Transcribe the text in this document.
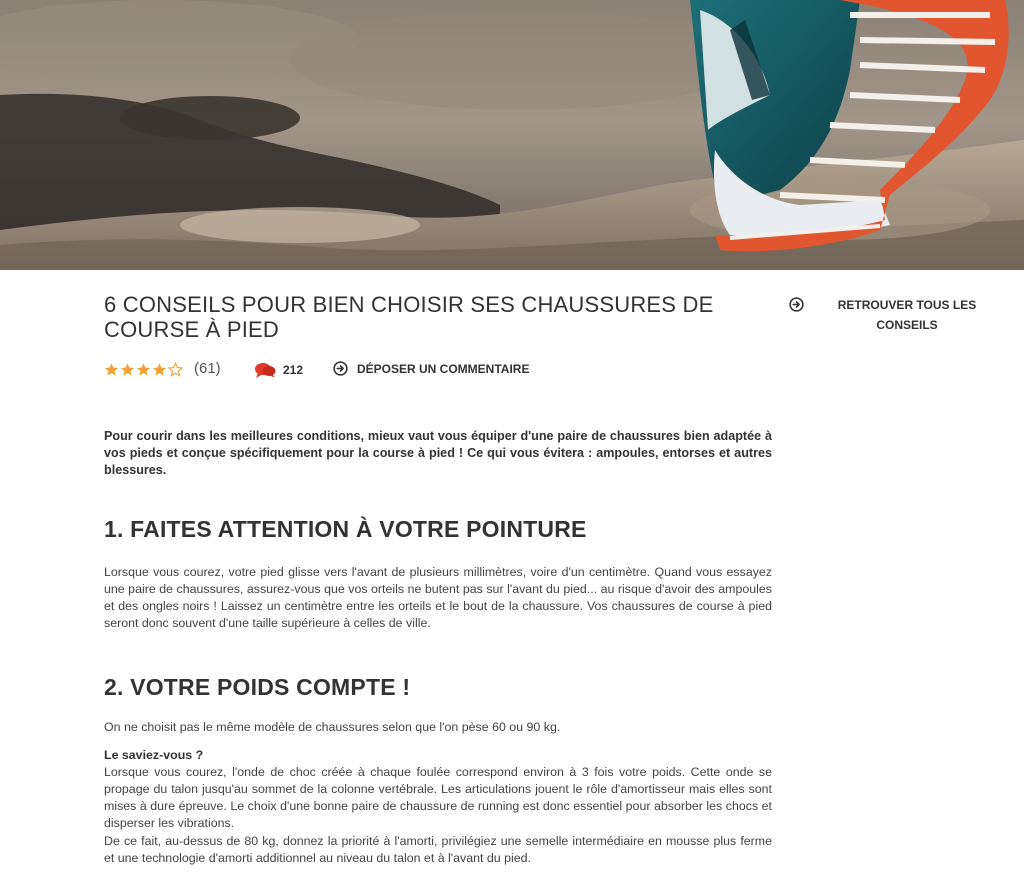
6 CONSEILS POUR BIEN CHOISIR SES CHAUSSURES DE COURSE À PIED
(61)	212	DÉPOSER UN COMMENTAIRE

Pour courir dans les meilleures conditions, mieux vaut vous équiper d'une paire de chaussures bien adaptée à vos pieds et conçue spécifiquement pour la course à pied ! Ce qui vous évitera : ampoules, entorses et autres blessures.

1. FAITES ATTENTION À VOTRE POINTURE

Lorsque vous courez, votre pied glisse vers l'avant de plusieurs millimètres, voire d'un centimètre. Quand vous essayez une paire de chaussures, assurez-vous que vos orteils ne butent pas sur l'avant du pied... au risque d'avoir des ampoules et des ongles noirs ! Laissez un centimètre entre les orteils et le bout de la chaussure. Vos chaussures de course à pied seront donc souvent d'une taille supérieure à celles de ville.

2. VOTRE POIDS COMPTE !

On ne choisit pas le même modèle de chaussures selon que l'on pèse 60 ou 90 kg.

Le saviez-vous ?

Lorsque vous courez, l'onde de choc créée à chaque foulée correspond environ à 3 fois votre poids. Cette onde se propage du talon jusqu'au sommet de la colonne vertébrale. Les articulations jouent le rôle d'amortisseur mais elles sont mises à dure épreuve. Le choix d'une bonne paire de chaussure de running est donc essentiel pour absorber les chocs et disperser les vibrations.

De ce fait, au-dessus de 80 kg, donnez la priorité à l'amorti, privilégiez une semelle intermédiaire en mousse plus ferme et une technologie d'amorti additionnel au niveau du talon et à l'avant du pied.

RETROUVER TOUS LES CONSEILS
